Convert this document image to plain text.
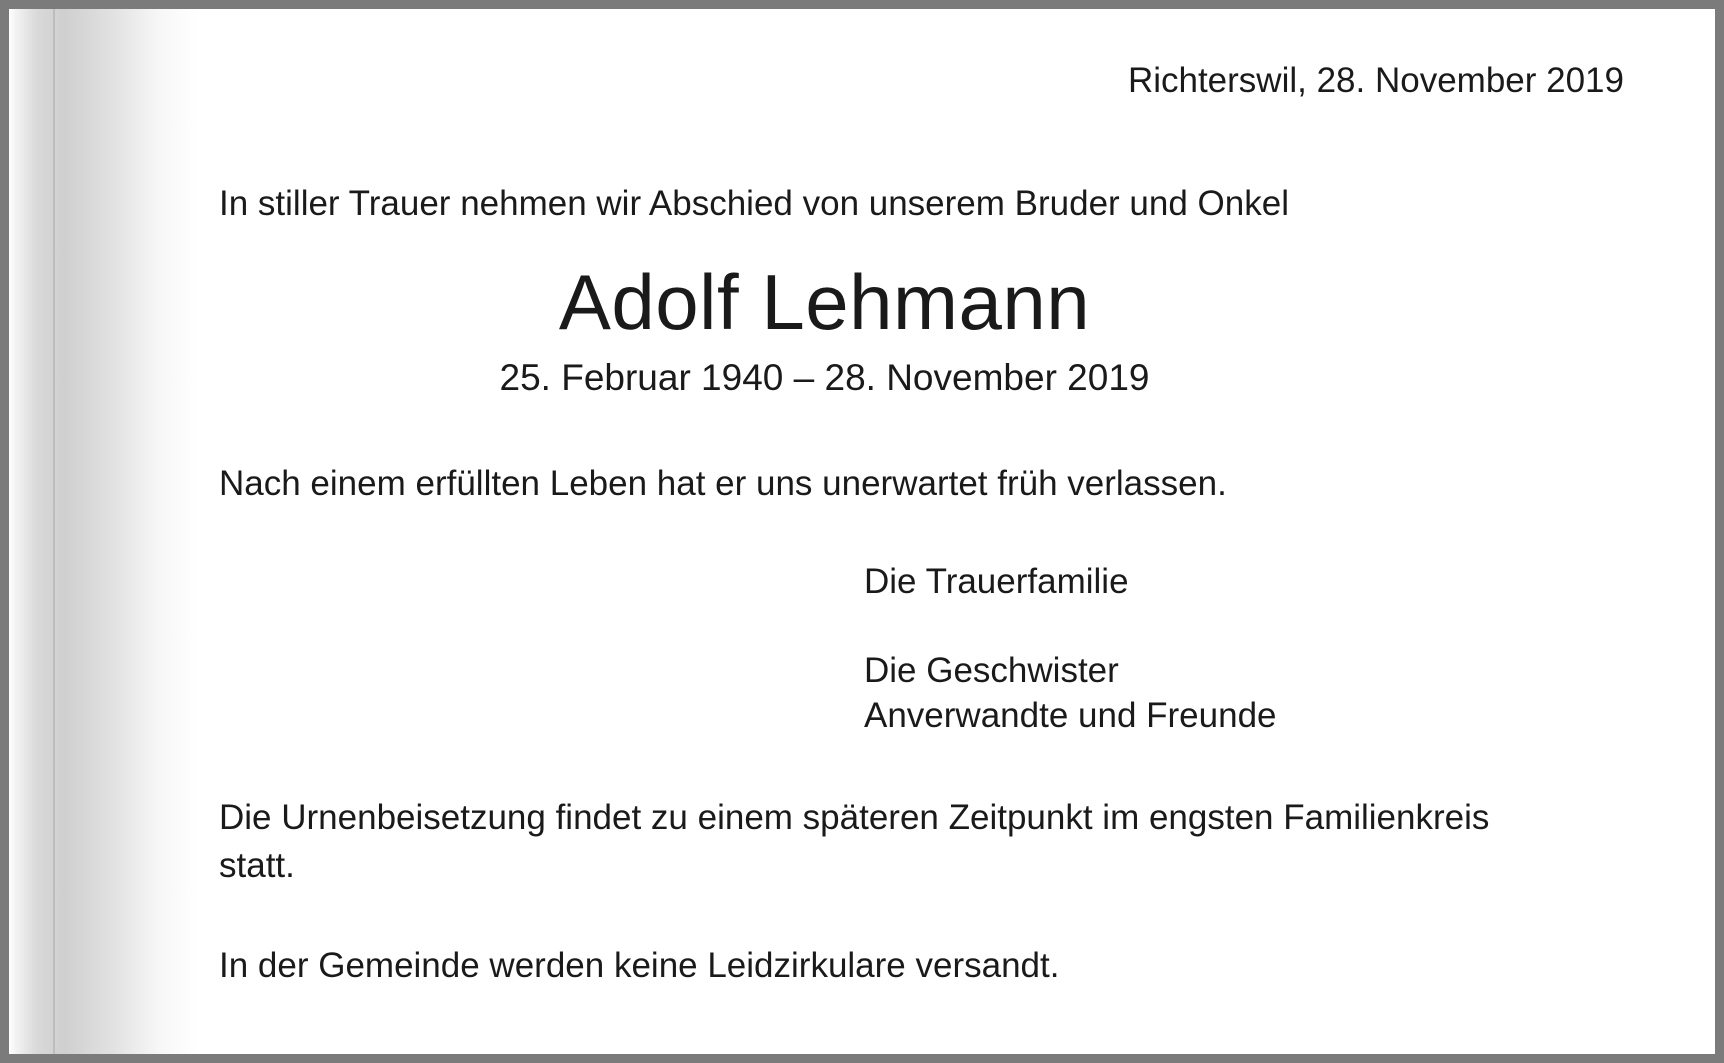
Richterswil, 28. November 2019
In stiller Trauer nehmen wir Abschied von unserem Bruder und Onkel
Adolf Lehmann
25. Februar 1940 – 28. November 2019
Nach einem erfüllten Leben hat er uns unerwartet früh verlassen.
Die Trauerfamilie
Die Geschwister
Anverwandte und Freunde
Die Urnenbeisetzung findet zu einem späteren Zeitpunkt im engsten Familienkreis statt.
In der Gemeinde werden keine Leidzirkulare versandt.
